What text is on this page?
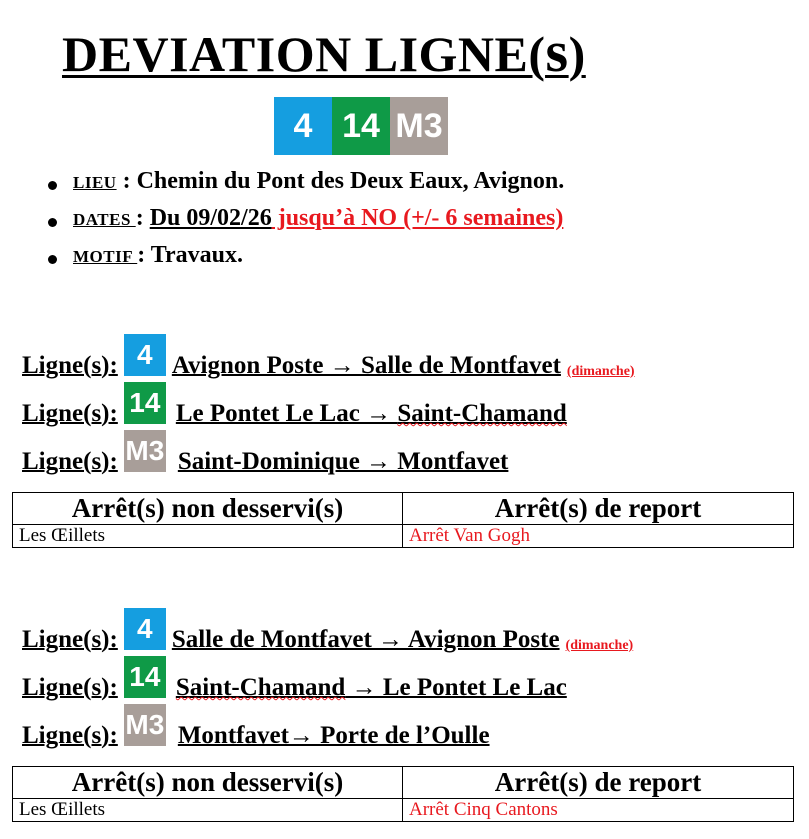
DEVIATION LIGNE(s)
4 14 M3
LIEU : Chemin du Pont des Deux Eaux, Avignon.
DATES : Du 09/02/26 jusqu’à NO (+/- 6 semaines)
MOTIF : Travaux.
Ligne(s): 4 Avignon Poste → Salle de Montfavet (dimanche)
Ligne(s): 14 Le Pontet Le Lac → Saint-Chamand
Ligne(s): M3 Saint-Dominique → Montfavet
Arrêt(s) non desservi(s)	Arrêt(s) de report
Les Œillets	Arrêt Van Gogh
Ligne(s): 4 Salle de Montfavet → Avignon Poste (dimanche)
Ligne(s): 14 Saint-Chamand → Le Pontet Le Lac
Ligne(s): M3 Montfavet→ Porte de l’Oulle
Arrêt(s) non desservi(s)	Arrêt(s) de report
Les Œillets	Arrêt Cinq Cantons
